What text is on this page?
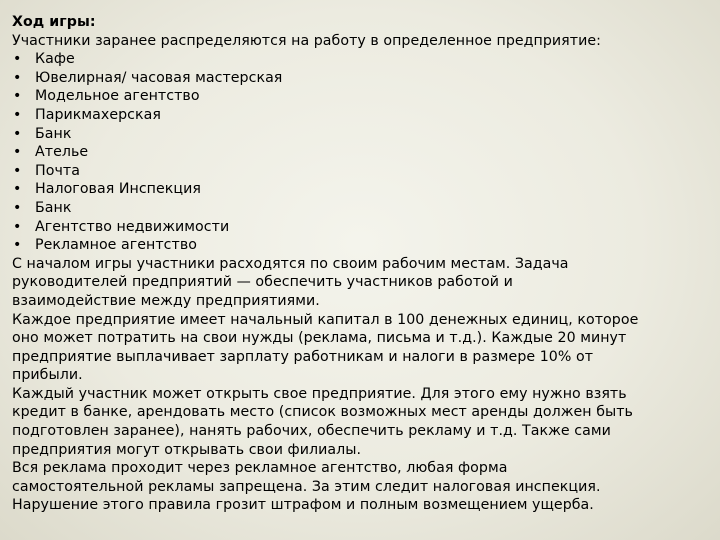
Ход игры:
Участники заранее распределяются на работу в определенное предприятие:
• Кафе
• Ювелирная/ часовая мастерская
• Модельное агентство
• Парикмахерская
• Банк
• Ателье
• Почта
• Налоговая Инспекция
• Банк
• Агентство недвижимости
• Рекламное агентство
С началом игры участники расходятся по своим рабочим местам. Задача
руководителей предприятий — обеспечить участников работой и
взаимодействие между предприятиями.
Каждое предприятие имеет начальный капитал в 100 денежных единиц, которое
оно может потратить на свои нужды (реклама, письма и т.д.). Каждые 20 минут
предприятие выплачивает зарплату работникам и налоги в размере 10% от
прибыли.
Каждый участник может открыть свое предприятие. Для этого ему нужно взять
кредит в банке, арендовать место (список возможных мест аренды должен быть
подготовлен заранее), нанять рабочих, обеспечить рекламу и т.д. Также сами
предприятия могут открывать свои филиалы.
Вся реклама проходит через рекламное агентство, любая форма
самостоятельной рекламы запрещена. За этим следит налоговая инспекция.
Нарушение этого правила грозит штрафом и полным возмещением ущерба.
